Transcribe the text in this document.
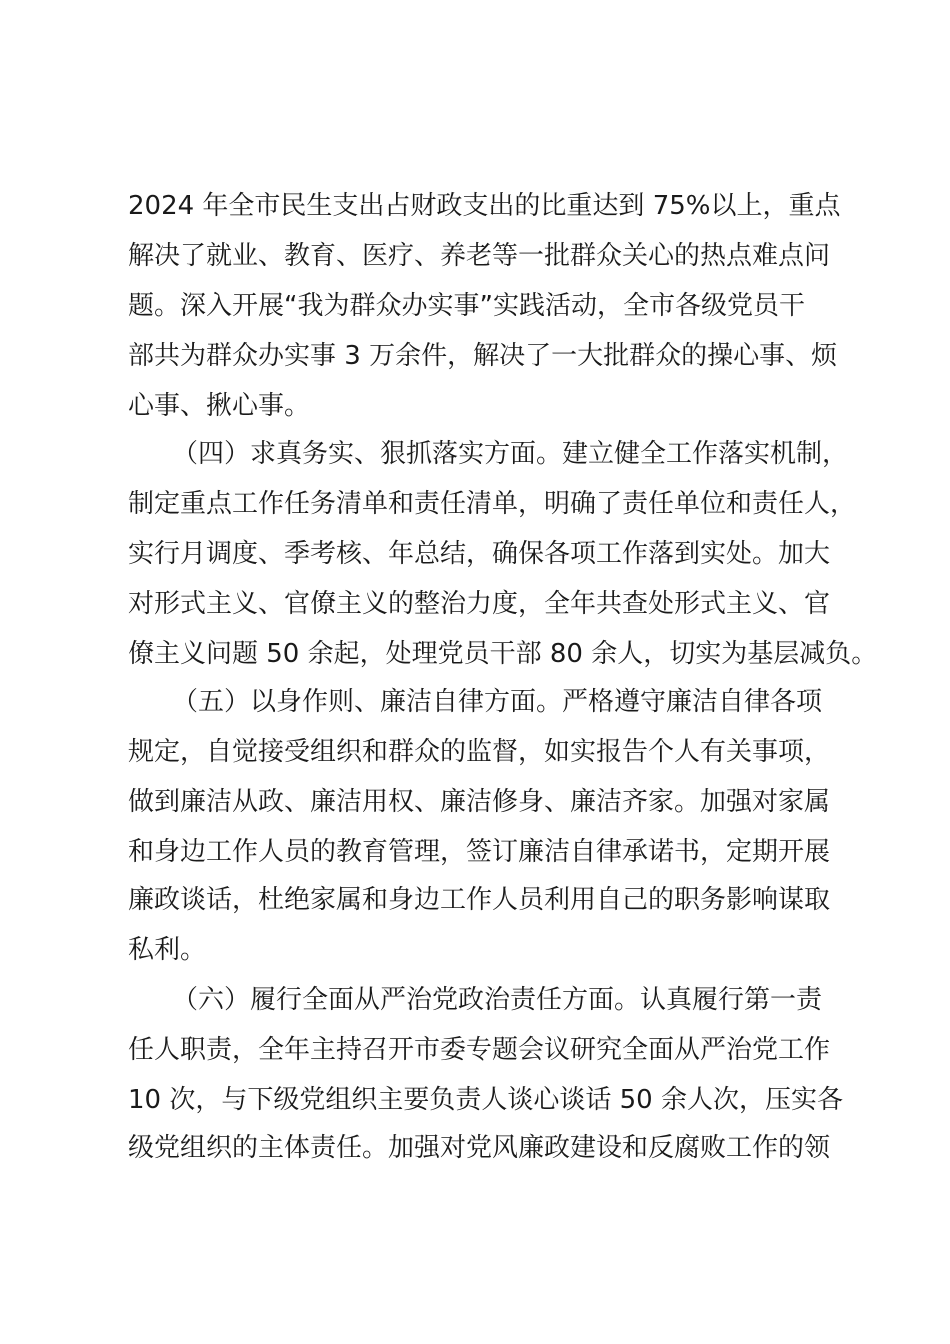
2024 年全市民生支出占财政支出的比重达到 75%以上，重点
解决了就业、教育、医疗、养老等一批群众关心的热点难点问
题。深入开展“我为群众办实事”实践活动，全市各级党员干
部共为群众办实事 3 万余件，解决了一大批群众的操心事、烦
心事、揪心事。
（四）求真务实、狠抓落实方面。建立健全工作落实机制，
制定重点工作任务清单和责任清单，明确了责任单位和责任人，
实行月调度、季考核、年总结，确保各项工作落到实处。加大
对形式主义、官僚主义的整治力度，全年共查处形式主义、官
僚主义问题 50 余起，处理党员干部 80 余人，切实为基层减负。
（五）以身作则、廉洁自律方面。严格遵守廉洁自律各项
规定，自觉接受组织和群众的监督，如实报告个人有关事项，
做到廉洁从政、廉洁用权、廉洁修身、廉洁齐家。加强对家属
和身边工作人员的教育管理，签订廉洁自律承诺书，定期开展
廉政谈话，杜绝家属和身边工作人员利用自己的职务影响谋取
私利。
（六）履行全面从严治党政治责任方面。认真履行第一责
任人职责，全年主持召开市委专题会议研究全面从严治党工作
10 次，与下级党组织主要负责人谈心谈话 50 余人次，压实各
级党组织的主体责任。加强对党风廉政建设和反腐败工作的领
